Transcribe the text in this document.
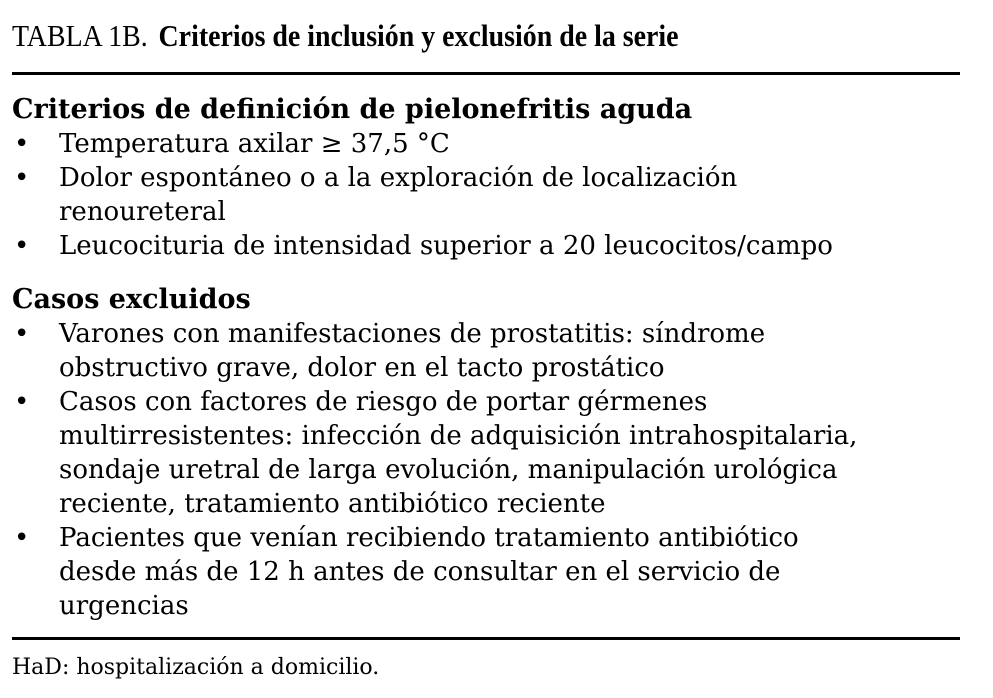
TABLA 1B. Criterios de inclusión y exclusión de la serie
Criterios de definición de pielonefritis aguda
• Temperatura axilar ≥ 37,5 °C
• Dolor espontáneo o a la exploración de localización
renoureteral
• Leucocituria de intensidad superior a 20 leucocitos/campo
Casos excluidos
• Varones con manifestaciones de prostatitis: síndrome
obstructivo grave, dolor en el tacto prostático
• Casos con factores de riesgo de portar gérmenes
multirresistentes: infección de adquisición intrahospitalaria,
sondaje uretral de larga evolución, manipulación urológica
reciente, tratamiento antibiótico reciente
• Pacientes que venían recibiendo tratamiento antibiótico
desde más de 12 h antes de consultar en el servicio de
urgencias
HaD: hospitalización a domicilio.
